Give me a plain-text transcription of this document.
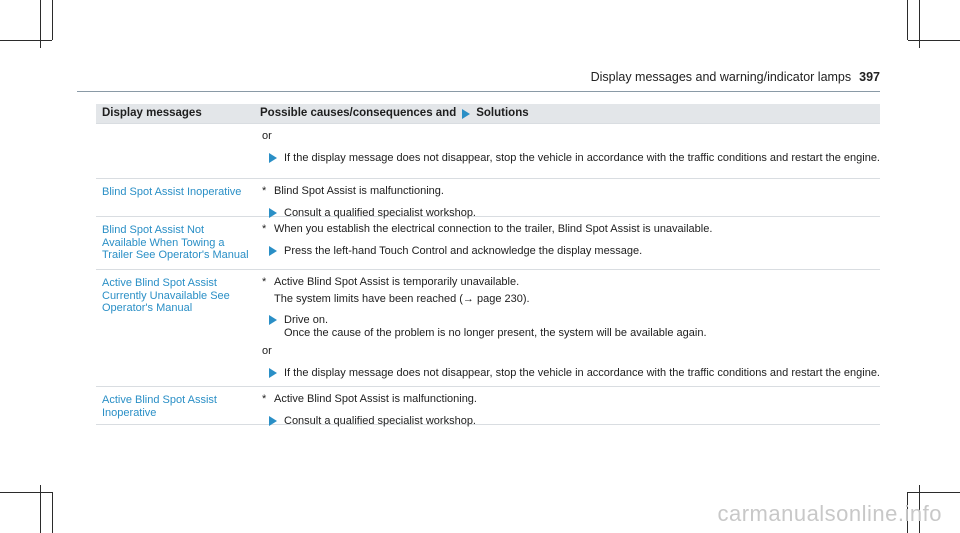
Display messages and warning/indicator lamps 397
Display messages	Possible causes/consequences and Solutions
or
If the display message does not disappear, stop the vehicle in accordance with the traffic conditions and restart the engine.
Blind Spot Assist Inoperative	* Blind Spot Assist is malfunctioning.
Consult a qualified specialist workshop.
Blind Spot Assist Not Available When Towing a Trailer See Operator's Manual
* When you establish the electrical connection to the trailer, Blind Spot Assist is unavailable.
Press the left-hand Touch Control and acknowledge the display message.
Active Blind Spot Assist Currently Unavailable See Operator's Manual
* Active Blind Spot Assist is temporarily unavailable.
The system limits have been reached (→ page 230).
Drive on.
Once the cause of the problem is no longer present, the system will be available again.
or
If the display message does not disappear, stop the vehicle in accordance with the traffic conditions and restart the engine.
Active Blind Spot Assist Inoperative
* Active Blind Spot Assist is malfunctioning.
Consult a qualified specialist workshop.
carmanualsonline.info
